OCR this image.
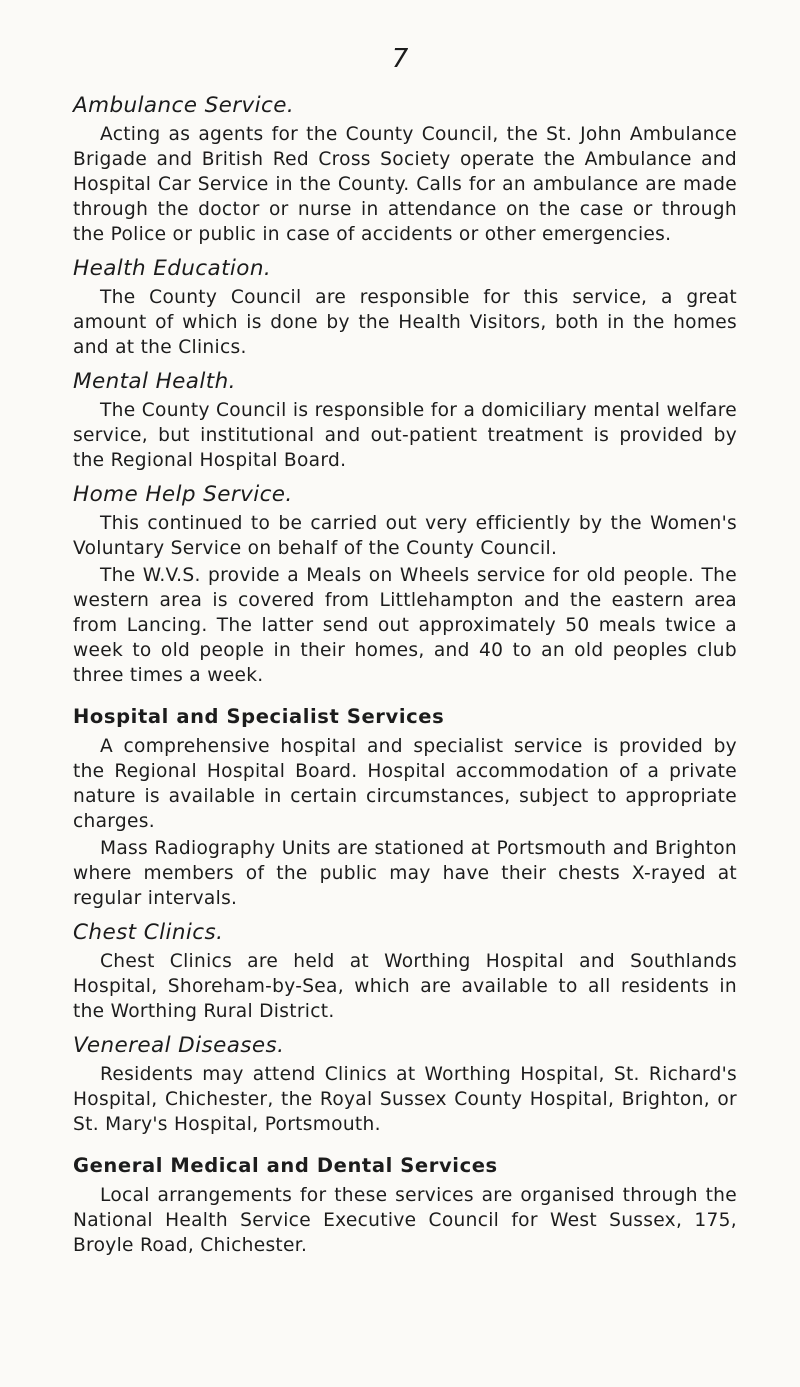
7

Ambulance Service.

Acting as agents for the County Council, the St. John Ambulance Brigade and British Red Cross Society operate the Ambulance and Hospital Car Service in the County. Calls for an ambulance are made through the doctor or nurse in attendance on the case or through the Police or public in case of accidents or other emergencies.

Health Education.

The County Council are responsible for this service, a great amount of which is done by the Health Visitors, both in the homes and at the Clinics.

Mental Health.

The County Council is responsible for a domiciliary mental welfare service, but institutional and out-patient treatment is provided by the Regional Hospital Board.

Home Help Service.

This continued to be carried out very efficiently by the Women's Voluntary Service on behalf of the County Council.

The W.V.S. provide a Meals on Wheels service for old people. The western area is covered from Littlehampton and the eastern area from Lancing. The latter send out approximately 50 meals twice a week to old people in their homes, and 40 to an old peoples club three times a week.

Hospital and Specialist Services

A comprehensive hospital and specialist service is provided by the Regional Hospital Board. Hospital accommodation of a private nature is available in certain circumstances, subject to appropriate charges.

Mass Radiography Units are stationed at Portsmouth and Brighton where members of the public may have their chests X-rayed at regular intervals.

Chest Clinics.

Chest Clinics are held at Worthing Hospital and Southlands Hospital, Shoreham-by-Sea, which are available to all residents in the Worthing Rural District.

Venereal Diseases.

Residents may attend Clinics at Worthing Hospital, St. Richard's Hospital, Chichester, the Royal Sussex County Hospital, Brighton, or St. Mary's Hospital, Portsmouth.

General Medical and Dental Services

Local arrangements for these services are organised through the National Health Service Executive Council for West Sussex, 175, Broyle Road, Chichester.
